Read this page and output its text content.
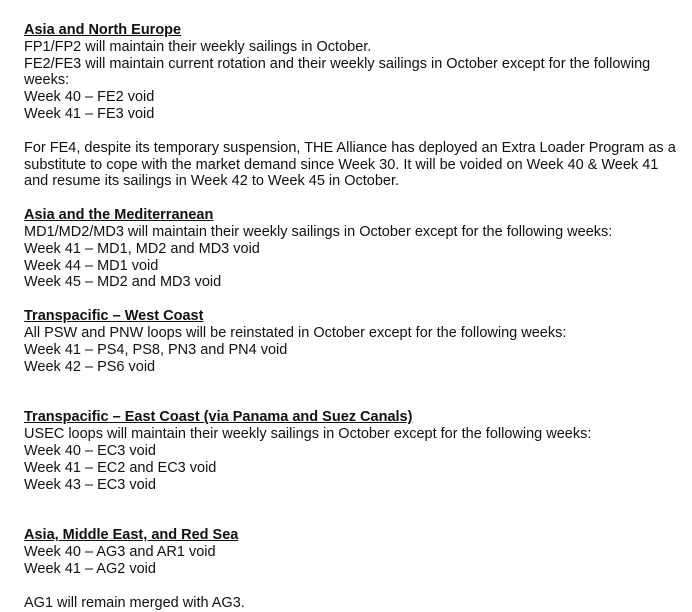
Asia and North Europe
FP1/FP2 will maintain their weekly sailings in October.
FE2/FE3 will maintain current rotation and their weekly sailings in October except for the following weeks:
Week 40 – FE2 void
Week 41 – FE3 void
For FE4, despite its temporary suspension, THE Alliance has deployed an Extra Loader Program as a substitute to cope with the market demand since Week 30. It will be voided on Week 40 & Week 41 and resume its sailings in Week 42 to Week 45 in October.
Asia and the Mediterranean
MD1/MD2/MD3 will maintain their weekly sailings in October except for the following weeks:
Week 41 – MD1, MD2 and MD3 void
Week 44 – MD1 void
Week 45 – MD2 and MD3 void
Transpacific – West Coast
All PSW and PNW loops will be reinstated in October except for the following weeks:
Week 41 – PS4, PS8, PN3 and PN4 void
Week 42 – PS6 void
Transpacific – East Coast (via Panama and Suez Canals)
USEC loops will maintain their weekly sailings in October except for the following weeks:
Week 40 – EC3 void
Week 41 – EC2 and EC3 void
Week 43 – EC3 void
Asia, Middle East, and Red Sea
Week 40 – AG3 and AR1 void
Week 41 – AG2 void
AG1 will remain merged with AG3.
